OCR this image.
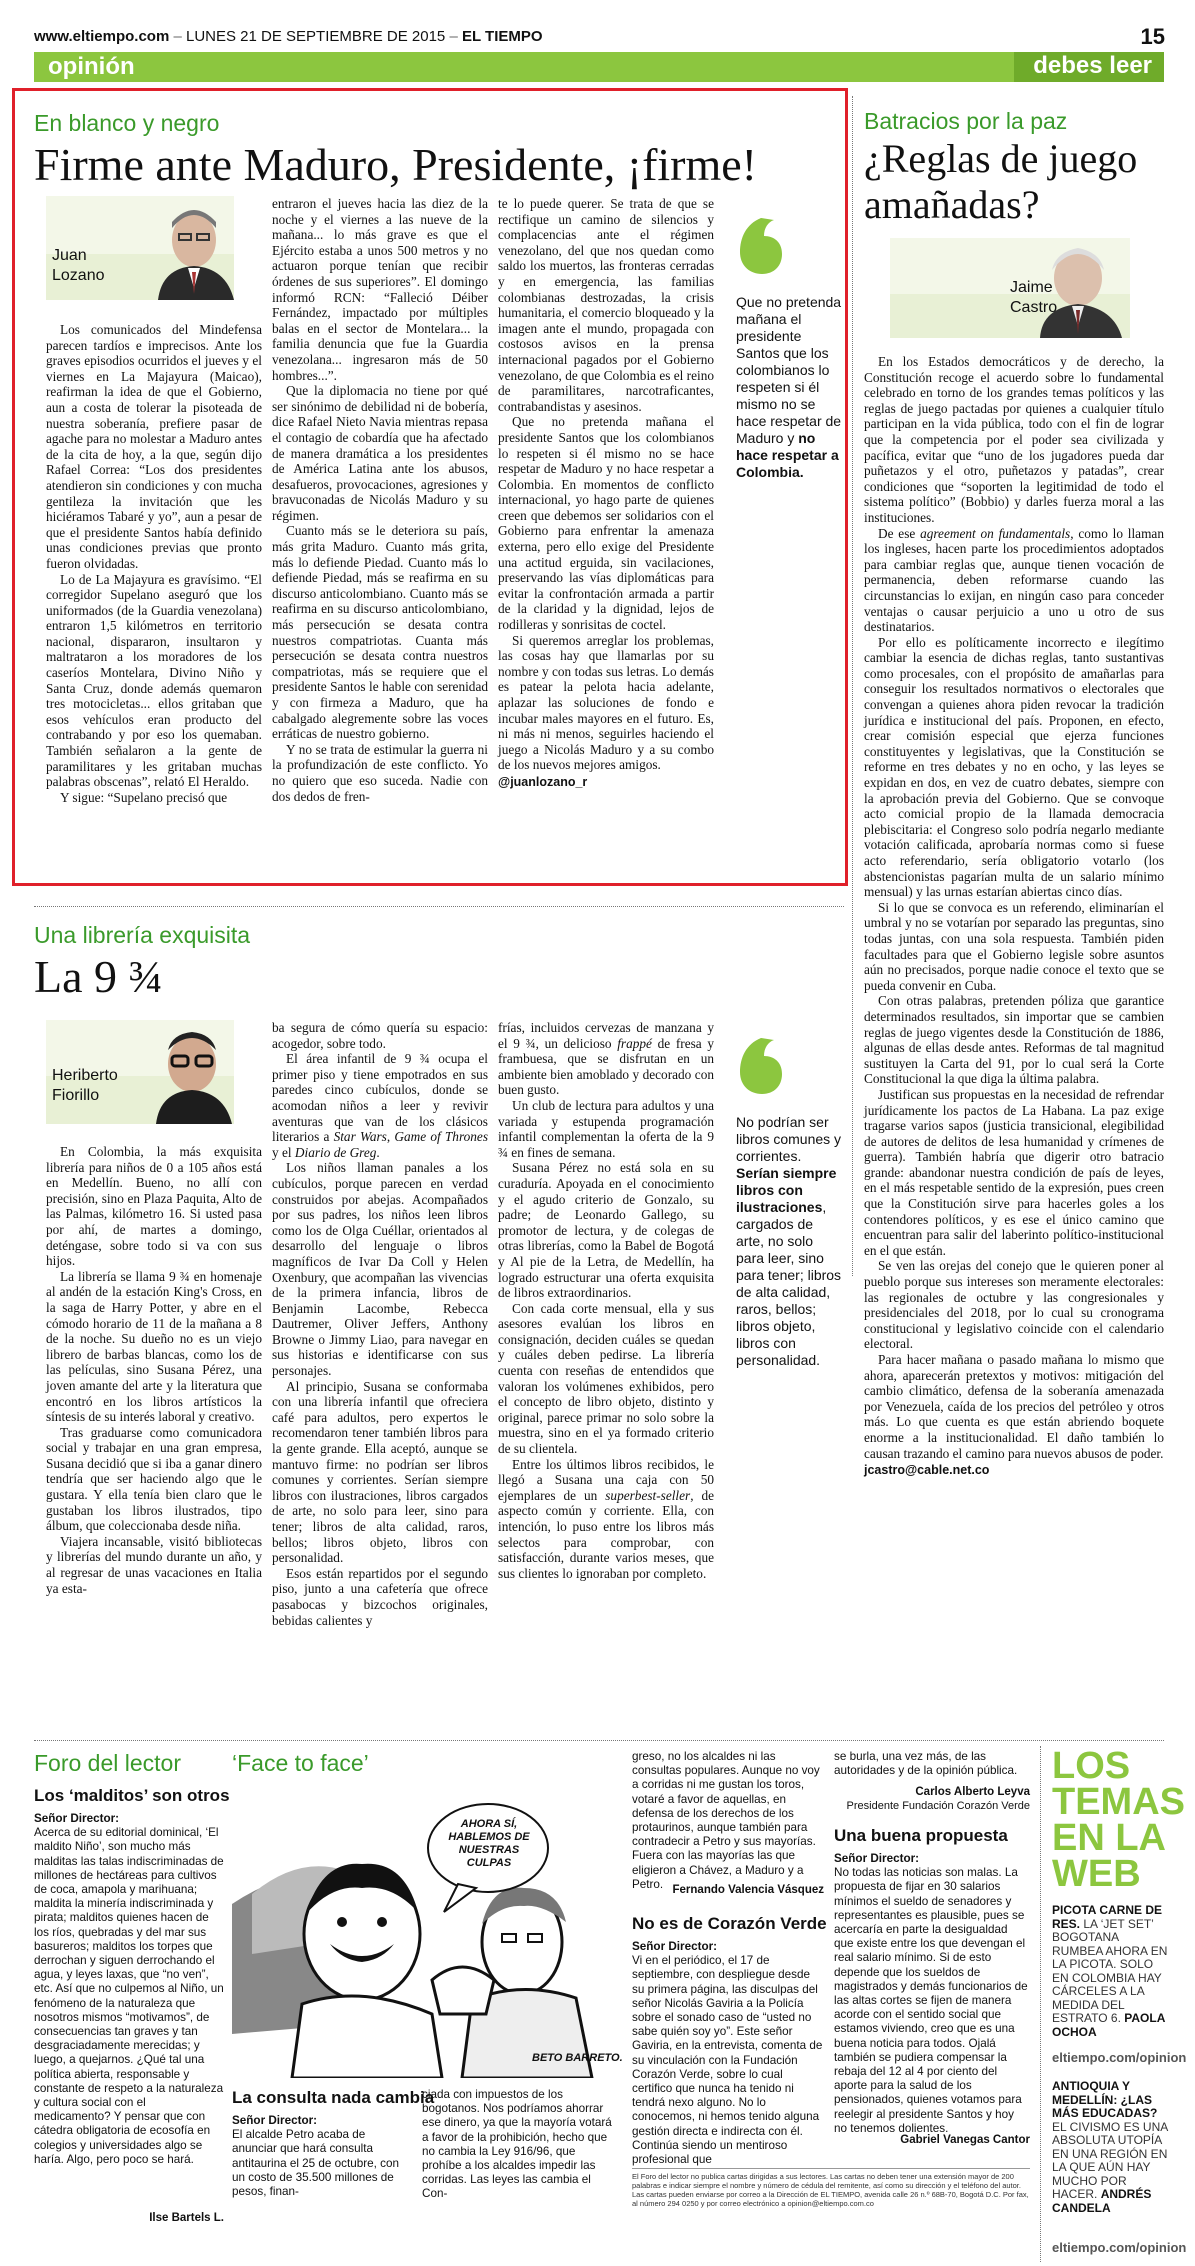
www.eltiempo.com – LUNES 21 DE SEPTIEMBRE DE 2015 – EL TIEMPO	15
opinión	debes leer
En blanco y negro
Firme ante Maduro, Presidente, ¡firme!
Juan
Lozano

Los comunicados del Mindefensa parecen tardíos e imprecisos. Ante los graves episodios ocurridos el jueves y el viernes en La Majayura (Maicao), reafirman la idea de que el Gobierno, aun a costa de tolerar la pisoteada de nuestra soberanía, prefiere pasar de agache para no molestar a Maduro antes de la cita de hoy, a la que, según dijo Rafael Correa: “Los dos presidentes atendieron sin condiciones y con mucha gentileza la invitación que les hiciéramos Tabaré y yo”, aun a pesar de que el presidente Santos había definido unas condiciones previas que pronto fueron olvidadas.

Lo de La Majayura es gravísimo. “El corregidor Supelano aseguró que los uniformados (de la Guardia venezolana) entraron 1,5 kilómetros en territorio nacional, dispararon, insultaron y maltrataron a los moradores de los caseríos Montelara, Divino Niño y Santa Cruz, donde además quemaron tres motocicletas... ellos gritaban que esos vehículos eran producto del contrabando y por eso los quemaban. También señalaron a la gente de paramilitares y les gritaban muchas palabras obscenas”, relató El Heraldo.

Y sigue: “Supelano precisó que

entraron el jueves hacia las diez de la noche y el viernes a las nueve de la mañana... lo más grave es que el Ejército estaba a unos 500 metros y no actuaron porque tenían que recibir órdenes de sus superiores”. El domingo informó RCN: “Falleció Déiber Fernández, impactado por múltiples balas en el sector de Montelara... la familia denuncia que fue la Guardia venezolana... ingresaron más de 50 hombres...”.

Que la diplomacia no tiene por qué ser sinónimo de debilidad ni de bobería, dice Rafael Nieto Navia mientras repasa el contagio de cobardía que ha afectado de manera dramática a los presidentes de América Latina ante los abusos, desafueros, provocaciones, agresiones y bravuconadas de Nicolás Maduro y su régimen.

Cuanto más se le deteriora su país, más grita Maduro. Cuanto más grita, más lo defiende Piedad. Cuanto más lo defiende Piedad, más se reafirma en su discurso anticolombiano. Cuanto más se reafirma en su discurso anticolombiano, más persecución se desata contra nuestros compatriotas. Cuanta más persecución se desata contra nuestros compatriotas, más se requiere que el presidente Santos le hable con serenidad y con firmeza a Maduro, que ha cabalgado alegremente sobre las voces erráticas de nuestro gobierno.

Y no se trata de estimular la guerra ni la profundización de este conflicto. Yo no quiero que eso suceda. Nadie con dos dedos de fren-

te lo puede querer. Se trata de que se rectifique un camino de silencios y complacencias ante el régimen venezolano, del que nos quedan como saldo los muertos, las fronteras cerradas y en emergencia, las familias colombianas destrozadas, la crisis humanitaria, el comercio bloqueado y la imagen ante el mundo, propagada con costosos avisos en la prensa internacional pagados por el Gobierno venezolano, de que Colombia es el reino de paramilitares, narcotraficantes, contrabandistas y asesinos.

Que no pretenda mañana el presidente Santos que los colombianos lo respeten si él mismo no se hace respetar de Maduro y no hace respetar a Colombia. En momentos de conflicto internacional, yo hago parte de quienes creen que debemos ser solidarios con el Gobierno para enfrentar la amenaza externa, pero ello exige del Presidente una actitud erguida, sin vacilaciones, preservando las vías diplomáticas para evitar la confrontación armada a partir de la claridad y la dignidad, lejos de rodilleras y sonrisitas de coctel.

Si queremos arreglar los problemas, las cosas hay que llamarlas por su nombre y con todas sus letras. Lo demás es patear la pelota hacia adelante, aplazar las soluciones de fondo e incubar males mayores en el futuro. Es, ni más ni menos, seguirles haciendo el juego a Nicolás Maduro y a su combo de los nuevos mejores amigos.

@juanlozano_r

Que no pretenda mañana el presidente Santos que los colombianos lo respeten si él mismo no se hace respetar de Maduro y no hace respetar a Colombia.
Batracios por la paz
¿Reglas de juego amañadas?
Jaime
Castro

En los Estados democráticos y de derecho, la Constitución recoge el acuerdo sobre lo fundamental celebrado en torno de los grandes temas políticos y las reglas de juego pactadas por quienes a cualquier título participan en la vida pública, todo con el fin de lograr que la competencia por el poder sea civilizada y pacífica, evitar que “uno de los jugadores pueda dar puñetazos y el otro, puñetazos y patadas”, crear condiciones que “soporten la legitimidad de todo el sistema político” (Bobbio) y darles fuerza moral a las instituciones.

De ese agreement on fundamentals, como lo llaman los ingleses, hacen parte los procedimientos adoptados para cambiar reglas que, aunque tienen vocación de permanencia, deben reformarse cuando las circunstancias lo exijan, en ningún caso para conceder ventajas o causar perjuicio a uno u otro de sus destinatarios.

Por ello es políticamente incorrecto e ilegítimo cambiar la esencia de dichas reglas, tanto sustantivas como procesales, con el propósito de amañarlas para conseguir los resultados normativos o electorales que convengan a quienes ahora piden revocar la tradición jurídica e institucional del país. Proponen, en efecto, crear comisión especial que ejerza funciones constituyentes y legislativas, que la Constitución se reforme en tres debates y no en ocho, y las leyes se expidan en dos, en vez de cuatro debates, siempre con la aprobación previa del Gobierno. Que se convoque acto comicial propio de la llamada democracia plebiscitaria: el Congreso solo podría negarlo mediante votación calificada, aprobaría normas como si fuese acto referendario, sería obligatorio votarlo (los abstencionistas pagarían multa de un salario mínimo mensual) y las urnas estarían abiertas cinco días.

Si lo que se convoca es un referendo, eliminarían el umbral y no se votarían por separado las preguntas, sino todas juntas, con una sola respuesta. También piden facultades para que el Gobierno legisle sobre asuntos aún no precisados, porque nadie conoce el texto que se pueda convenir en Cuba.

Con otras palabras, pretenden póliza que garantice determinados resultados, sin importar que se cambien reglas de juego vigentes desde la Constitución de 1886, algunas de ellas desde antes. Reformas de tal magnitud sustituyen la Carta del 91, por lo cual será la Corte Constitucional la que diga la última palabra.

Justifican sus propuestas en la necesidad de refrendar jurídicamente los pactos de La Habana. La paz exige tragarse varios sapos (justicia transicional, elegibilidad de autores de delitos de lesa humanidad y crímenes de guerra). También habría que digerir otro batracio grande: abandonar nuestra condición de país de leyes, en el más respetable sentido de la expresión, pues creen que la Constitución sirve para hacerles goles a los contendores políticos, y es ese el único camino que encuentran para salir del laberinto político-institucional en el que están.

Se ven las orejas del conejo que le quieren poner al pueblo porque sus intereses son meramente electorales: las regionales de octubre y las congresionales y presidenciales del 2018, por lo cual su cronograma constitucional y legislativo coincide con el calendario electoral.

Para hacer mañana o pasado mañana lo mismo que ahora, aparecerán pretextos y motivos: mitigación del cambio climático, defensa de la soberanía amenazada por Venezuela, caída de los precios del petróleo y otros más. Lo que cuenta es que están abriendo boquete enorme a la institucionalidad. El daño también lo causan trazando el camino para nuevos abusos de poder.

jcastro@cable.net.co

Una librería exquisita
La 9 ¾
Heriberto
Fiorillo

En Colombia, la más exquisita librería para niños de 0 a 105 años está en Medellín. Bueno, no allí con precisión, sino en Plaza Paquita, Alto de las Palmas, kilómetro 16. Si usted pasa por ahí, de martes a domingo, deténgase, sobre todo si va con sus hijos.

La librería se llama 9 ¾ en homenaje al andén de la estación King's Cross, en la saga de Harry Potter, y abre en el cómodo horario de 11 de la mañana a 8 de la noche. Su dueño no es un viejo librero de barbas blancas, como los de las películas, sino Susana Pérez, una joven amante del arte y la literatura que encontró en los libros artísticos la síntesis de su interés laboral y creativo.

Tras graduarse como comunicadora social y trabajar en una gran empresa, Susana decidió que si iba a ganar dinero tendría que ser haciendo algo que le gustara. Y ella tenía bien claro que le gustaban los libros ilustrados, tipo álbum, que coleccionaba desde niña.

Viajera incansable, visitó bibliotecas y librerías del mundo durante un año, y al regresar de unas vacaciones en Italia ya esta-

ba segura de cómo quería su espacio: acogedor, sobre todo.

El área infantil de 9 ¾ ocupa el primer piso y tiene empotrados en sus paredes cinco cubículos, donde se acomodan niños a leer y revivir aventuras que van de los clásicos literarios a Star Wars, Game of Thrones y el Diario de Greg.

Los niños llaman panales a los cubículos, porque parecen en verdad construidos por abejas. Acompañados por sus padres, los niños leen libros como los de Olga Cuéllar, orientados al desarrollo del lenguaje o libros magníficos de Ivar Da Coll y Helen Oxenbury, que acompañan las vivencias de la primera infancia, libros de Benjamin Lacombe, Rebecca Dautremer, Oliver Jeffers, Anthony Browne o Jimmy Liao, para navegar en sus historias e identificarse con sus personajes.

Al principio, Susana se conformaba con una librería infantil que ofreciera café para adultos, pero expertos le recomendaron tener también libros para la gente grande. Ella aceptó, aunque se mantuvo firme: no podrían ser libros comunes y corrientes. Serían siempre libros con ilustraciones, libros cargados de arte, no solo para leer, sino para tener; libros de alta calidad, raros, bellos; libros objeto, libros con personalidad.

Esos están repartidos por el segundo piso, junto a una cafetería que ofrece pasabocas y bizcochos originales, bebidas calientes y

frías, incluidos cervezas de manzana y el 9 ¾, un delicioso frappé de fresa y frambuesa, que se disfrutan en un ambiente bien amoblado y decorado con buen gusto.

Un club de lectura para adultos y una variada y estupenda programación infantil complementan la oferta de la 9 ¾ en fines de semana.

Susana Pérez no está sola en su curaduría. Apoyada en el conocimiento y el agudo criterio de Gonzalo, su padre; de Leonardo Gallego, su promotor de lectura, y de colegas de otras librerías, como la Babel de Bogotá y Al pie de la Letra, de Medellín, ha logrado estructurar una oferta exquisita de libros extraordinarios.

Con cada corte mensual, ella y sus asesores evalúan los libros en consignación, deciden cuáles se quedan y cuáles deben pedirse. La librería cuenta con reseñas de entendidos que valoran los volúmenes exhibidos, pero el concepto de libro objeto, distinto y original, parece primar no solo sobre la muestra, sino en el ya formado criterio de su clientela.

Entre los últimos libros recibidos, le llegó a Susana una caja con 50 ejemplares de un superbest-seller, de aspecto común y corriente. Ella, con intención, lo puso entre los libros más selectos para comprobar, con satisfacción, durante varios meses, que sus clientes lo ignoraban por completo.

No podrían ser libros comunes y corrientes. Serían siempre libros con ilustraciones, cargados de arte, no solo para leer, sino para tener; libros de alta calidad, raros, bellos; libros objeto, libros con personalidad.
Foro del lector
Los ‘malditos’ son otros
Señor Director:
Acerca de su editorial dominical, ‘El maldito Niño’, son mucho más malditas las talas indiscriminadas de millones de hectáreas para cultivos de coca, amapola y marihuana; maldita la minería indiscriminada y pirata; malditos quienes hacen de los ríos, quebradas y del mar sus basureros; malditos los torpes que derrochan y siguen derrochando el agua, y leyes laxas, que “no ven”, etc. Así que no culpemos al Niño, un fenómeno de la naturaleza que nosotros mismos “motivamos”, de consecuencias tan graves y tan desgraciadamente merecidas; y luego, a quejarnos. ¿Qué tal una política abierta, responsable y constante de respeto a la naturaleza y cultura social con el medicamento? Y pensar que con cátedra obligatoria de ecosofía en colegios y universidades algo se haría. Algo, pero poco se hará.
Ilse Bartels L.
‘Face to face’
AHORA SÍ, HABLEMOS DE NUESTRAS CULPAS
BETO BARRETO.
La consulta nada cambia
Señor Director:
El alcalde Petro acaba de anunciar que hará consulta antitaurina el 25 de octubre, con un costo de 35.500 millones de pesos, finan-
ciada con impuestos de los bogotanos. Nos podríamos ahorrar ese dinero, ya que la mayoría votará a favor de la prohibición, hecho que no cambia la Ley 916/96, que prohíbe a los alcaldes impedir las corridas. Las leyes las cambia el Con-
greso, no los alcaldes ni las consultas populares. Aunque no voy a corridas ni me gustan los toros, votaré a favor de aquellas, en defensa de los derechos de los protaurinos, aunque también para contradecir a Petro y sus mayorías. Fuera con las mayorías las que eligieron a Chávez, a Maduro y a Petro. Fernando Valencia Vásquez
No es de Corazón Verde
Señor Director:
Vi en el periódico, el 17 de septiembre, con despliegue desde su primera página, las disculpas del señor Nicolás Gaviria a la Policía sobre el sonado caso de “usted no sabe quién soy yo”. Este señor Gaviria, en la entrevista, comenta de su vinculación con la Fundación Corazón Verde, sobre lo cual certifico que nunca ha tenido ni tendrá nexo alguno. No lo conocemos, ni hemos tenido alguna gestión directa e indirecta con él. Continúa siendo un mentiroso profesional que
se burla, una vez más, de las autoridades y de la opinión pública.
Carlos Alberto Leyva
Presidente Fundación Corazón Verde
Una buena propuesta
Señor Director:
No todas las noticias son malas. La propuesta de fijar en 30 salarios mínimos el sueldo de senadores y representantes es plausible, pues se acercaría en parte la desigualdad que existe entre los que devengan el real salario mínimo. Si de esto depende que los sueldos de magistrados y demás funcionarios de las altas cortes se fijen de manera acorde con el sentido social que estamos viviendo, creo que es una buena noticia para todos. Ojalá también se pudiera compensar la rebaja del 12 al 4 por ciento del aporte para la salud de los pensionados, quienes votamos para reelegir al presidente Santos y hoy no tenemos dolientes.
Gabriel Vanegas Cantor
El Foro del lector no publica cartas dirigidas a sus lectores. Las cartas no deben tener una extensión mayor de 200 palabras e indicar siempre el nombre y número de cédula del remitente, así como su dirección y el teléfono del autor. Las cartas pueden enviarse por correo a la Dirección de EL TIEMPO, avenida calle 26 n.º 68B-70, Bogotá D.C. Por fax, al número 294 0250 y por correo electrónico a opinion@eltiempo.com.co
LOS
TEMAS
EN LA
WEB
PICOTA CARNE DE RES. LA ‘JET SET’ BOGOTANA RUMBEA AHORA EN LA PICOTA. SOLO EN COLOMBIA HAY CÁRCELES A LA MEDIDA DEL ESTRATO 6. PAOLA OCHOA
eltiempo.com/opinion
ANTIOQUIA Y MEDELLÍN: ¿LAS MÁS EDUCADAS? EL CIVISMO ES UNA ABSOLUTA UTOPÍA EN UNA REGIÓN EN LA QUE AÚN HAY MUCHO POR HACER. ANDRÉS CANDELA
eltiempo.com/opinion
